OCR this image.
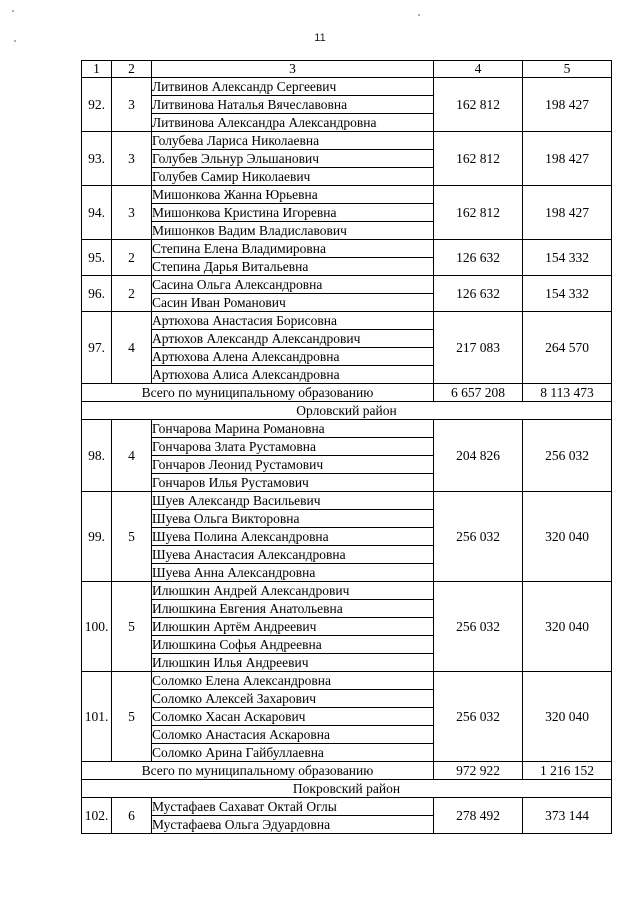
11
1	2	3	4	5
92.	3	Литвинов Александр Сергеевич	162 812	198 427
		Литвинова Наталья Вячеславовна		
		Литвинова Александра Александровна		
93.	3	Голубева Лариса Николаевна	162 812	198 427
		Голубев Эльнур Эльшанович		
		Голубев Самир Николаевич		
94.	3	Мишонкова Жанна Юрьевна	162 812	198 427
		Мишонкова Кристина Игоревна		
		Мишонков Вадим Владиславович		
95.	2	Степина Елена Владимировна	126 632	154 332
		Степина Дарья Витальевна		
96.	2	Сасина Ольга Александровна	126 632	154 332
		Сасин Иван Романович		
97.	4	Артюхова Анастасия Борисовна	217 083	264 570
		Артюхов Александр Александрович		
		Артюхова Алена Александровна		
		Артюхова Алиса Александровна		
Всего по муниципальному образованию			6 657 208	8 113 473
Орловский район				
98.	4	Гончарова Марина Романовна	204 826	256 032
		Гончарова Злата Рустамовна		
		Гончаров Леонид Рустамович		
		Гончаров Илья Рустамович		
99.	5	Шуев Александр Васильевич	256 032	320 040
		Шуева Ольга Викторовна		
		Шуева Полина Александровна		
		Шуева Анастасия Александровна		
		Шуева Анна Александровна		
100.	5	Илюшкин Андрей Александрович	256 032	320 040
		Илюшкина Евгения Анатольевна		
		Илюшкин Артём Андреевич		
		Илюшкина Софья Андреевна		
		Илюшкин Илья Андреевич		
101.	5	Соломко Елена Александровна	256 032	320 040
		Соломко Алексей Захарович		
		Соломко Хасан Аскарович		
		Соломко Анастасия Аскаровна		
		Соломко Арина Гайбуллаевна		
Всего по муниципальному образованию			972 922	1 216 152
Покровский район				
102.	6	Мустафаев Сахават Октай Оглы	278 492	373 144
		Мустафаева Ольга Эдуардовна		
